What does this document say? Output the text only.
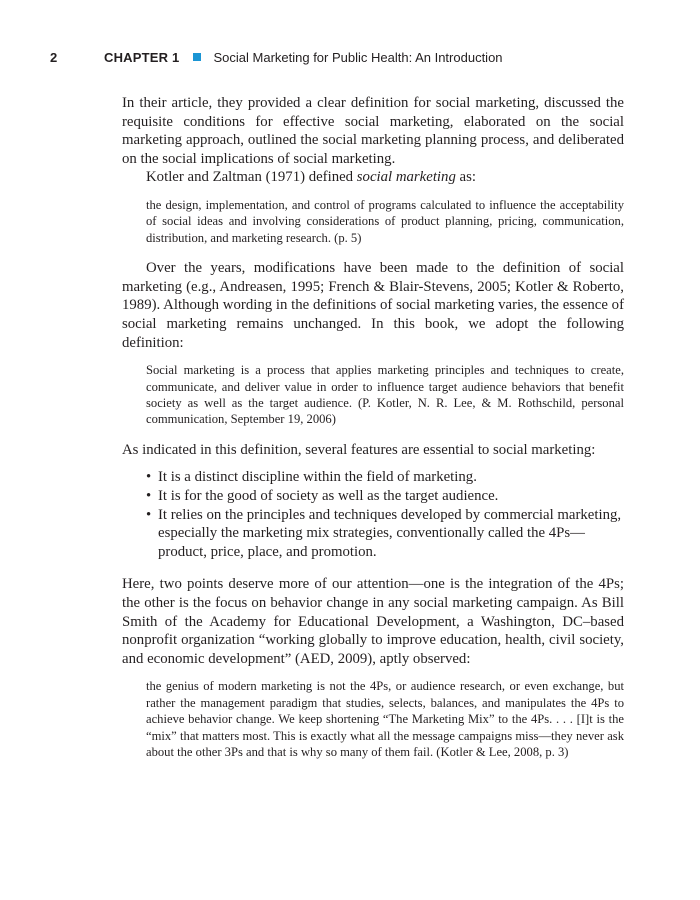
2	CHAPTER 1	Social Marketing for Public Health: An Introduction

In their article, they provided a clear definition for social marketing, discussed the requisite conditions for effective social marketing, elaborated on the social marketing approach, outlined the social marketing planning process, and deliberated on the social implications of social marketing.

Kotler and Zaltman (1971) defined social marketing as:

the design, implementation, and control of programs calculated to influence the acceptability of social ideas and involving considerations of product planning, pricing, communication, distribution, and marketing research. (p. 5)

Over the years, modifications have been made to the definition of social marketing (e.g., Andreasen, 1995; French & Blair-Stevens, 2005; Kotler & Roberto, 1989). Although wording in the definitions of social marketing varies, the essence of social marketing remains unchanged. In this book, we adopt the following definition:

Social marketing is a process that applies marketing principles and techniques to create, communicate, and deliver value in order to influence target audience behaviors that benefit society as well as the target audience. (P. Kotler, N. R. Lee, & M. Rothschild, personal communication, September 19, 2006)

As indicated in this definition, several features are essential to social marketing:

• It is a distinct discipline within the field of marketing.
• It is for the good of society as well as the target audience.
• It relies on the principles and techniques developed by commercial marketing, especially the marketing mix strategies, conventionally called the 4Ps—product, price, place, and promotion.

Here, two points deserve more of our attention—one is the integration of the 4Ps; the other is the focus on behavior change in any social marketing campaign. As Bill Smith of the Academy for Educational Development, a Washington, DC–based nonprofit organization “working globally to improve education, health, civil society, and economic development” (AED, 2009), aptly observed:

the genius of modern marketing is not the 4Ps, or audience research, or even exchange, but rather the management paradigm that studies, selects, balances, and manipulates the 4Ps to achieve behavior change. We keep shortening “The Marketing Mix” to the 4Ps. . . . [I]t is the “mix” that matters most. This is exactly what all the message campaigns miss—they never ask about the other 3Ps and that is why so many of them fail. (Kotler & Lee, 2008, p. 3)
